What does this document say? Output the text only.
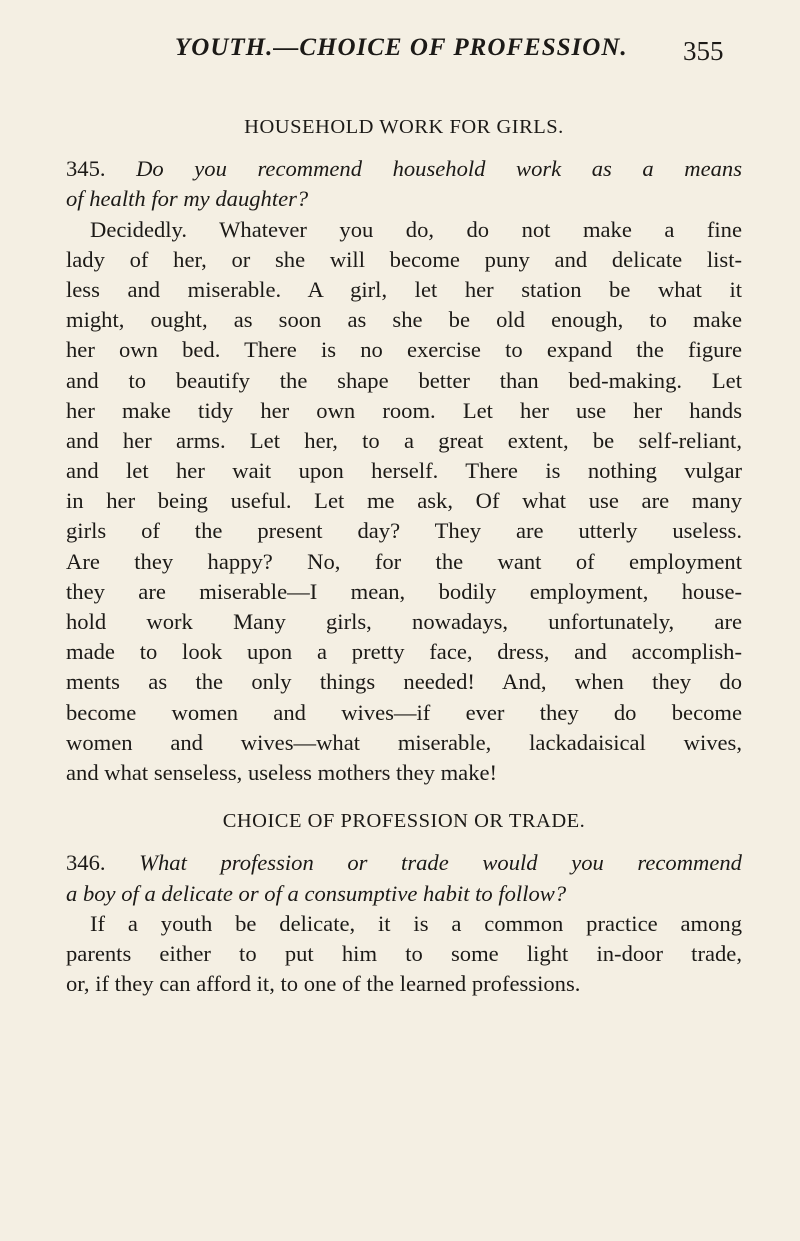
YOUTH.—CHOICE OF PROFESSION. 355
HOUSEHOLD WORK FOR GIRLS.
345. Do you recommend household work as a means
of health for my daughter?
Decidedly. Whatever you do, do not make a fine
lady of her, or she will become puny and delicate list-
less and miserable. A girl, let her station be what it
might, ought, as soon as she be old enough, to make
her own bed. There is no exercise to expand the figure
and to beautify the shape better than bed-making. Let
her make tidy her own room. Let her use her hands
and her arms. Let her, to a great extent, be self-reliant,
and let her wait upon herself. There is nothing vulgar
in her being useful. Let me ask, Of what use are many
girls of the present day? They are utterly useless.
Are they happy? No, for the want of employment
they are miserable—I mean, bodily employment, house-
hold work Many girls, nowadays, unfortunately, are
made to look upon a pretty face, dress, and accomplish-
ments as the only things needed! And, when they do
become women and wives—if ever they do become
women and wives—what miserable, lackadaisical wives,
and what senseless, useless mothers they make!
CHOICE OF PROFESSION OR TRADE.
346. What profession or trade would you recommend
a boy of a delicate or of a consumptive habit to follow?
If a youth be delicate, it is a common practice among
parents either to put him to some light in-door trade,
or, if they can afford it, to one of the learned professions.
